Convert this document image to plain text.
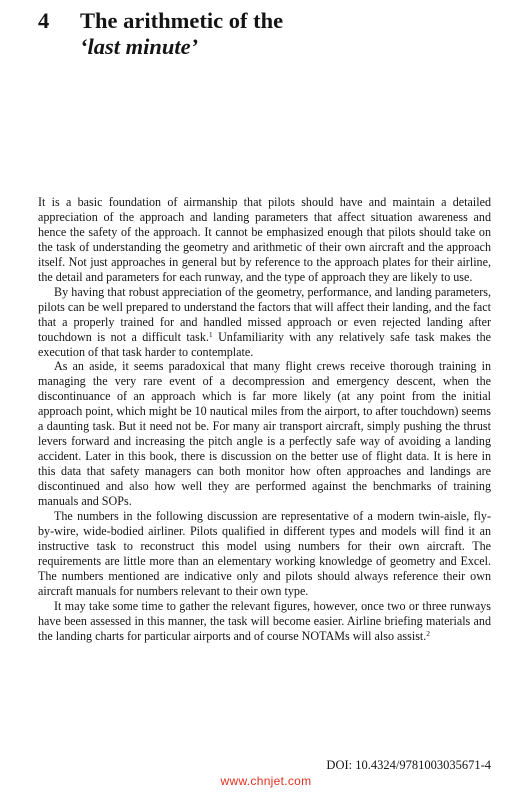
4 The arithmetic of the
‘last minute’

It is a basic foundation of airmanship that pilots should have and maintain a detailed appreciation of the approach and landing parameters that affect situation awareness and hence the safety of the approach. It cannot be emphasized enough that pilots should take on the task of understanding the geometry and arithmetic of their own aircraft and the approach itself. Not just approaches in general but by reference to the approach plates for their airline, the detail and parameters for each runway, and the type of approach they are likely to use.

By having that robust appreciation of the geometry, performance, and landing parameters, pilots can be well prepared to understand the factors that will affect their landing, and the fact that a properly trained for and handled missed approach or even rejected landing after touchdown is not a difficult task.$^1$ Unfamiliarity with any relatively safe task makes the execution of that task harder to contemplate.

As an aside, it seems paradoxical that many flight crews receive thorough training in managing the very rare event of a decompression and emergency descent, when the discontinuance of an approach which is far more likely (at any point from the initial approach point, which might be 10 nautical miles from the airport, to after touchdown) seems a daunting task. But it need not be. For many air transport aircraft, simply pushing the thrust levers forward and increasing the pitch angle is a perfectly safe way of avoiding a landing accident. Later in this book, there is discussion on the better use of flight data. It is here in this data that safety managers can both monitor how often approaches and landings are discontinued and also how well they are performed against the benchmarks of training manuals and SOPs.

The numbers in the following discussion are representative of a modern twin-aisle, fly-by-wire, wide-bodied airliner. Pilots qualified in different types and models will find it an instructive task to reconstruct this model using numbers for their own aircraft. The requirements are little more than an elementary working knowledge of geometry and Excel. The numbers mentioned are indicative only and pilots should always reference their own aircraft manuals for numbers relevant to their own type.

It may take some time to gather the relevant figures, however, once two or three runways have been assessed in this manner, the task will become easier. Airline briefing materials and the landing charts for particular airports and of course NOTAMs will also assist.$^2$

DOI: 10.4324/9781003035671-4
www.chnjet.com
